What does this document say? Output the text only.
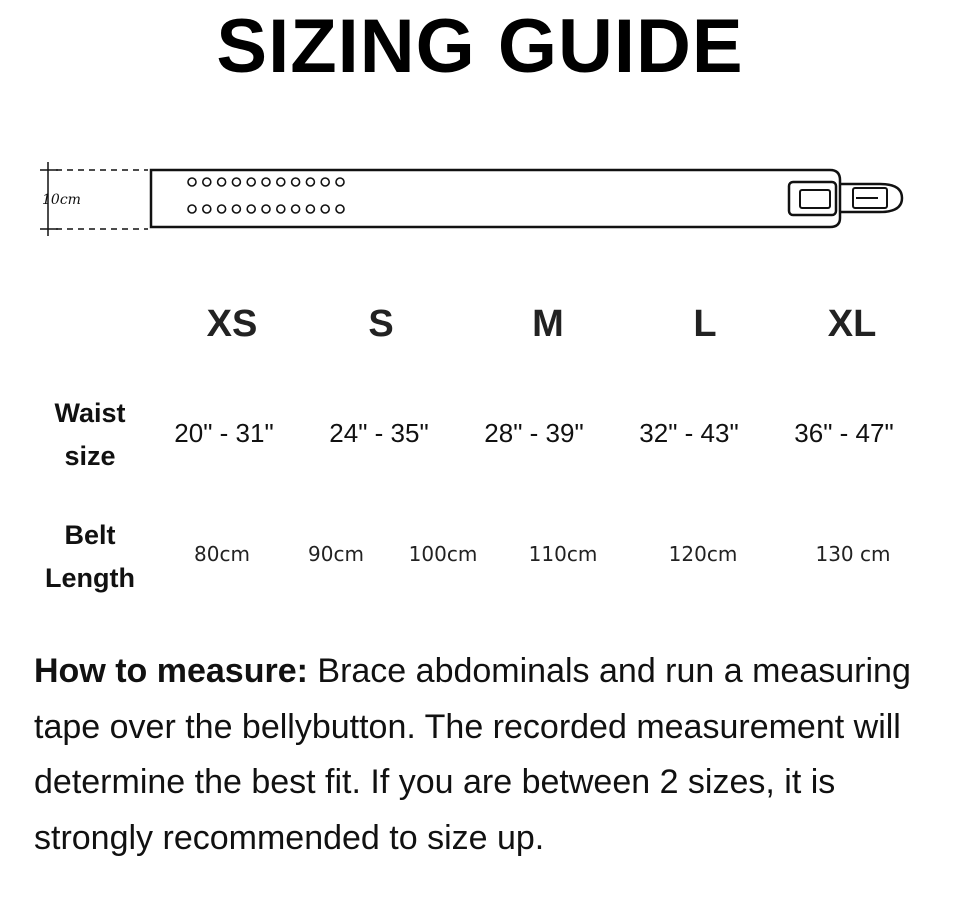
SIZING GUIDE
10cm
XS	S	M	L	XL
Waist
size
20" - 31"	24" - 35"	28" - 39"	32" - 43"	36" - 47"
Belt
Length
80cm	90cm	100cm	110cm	120cm	130 cm
How to measure: Brace abdominals and run a measuring tape over the bellybutton. The recorded measurement will determine the best fit. If you are between 2 sizes, it is strongly recommended to size up.
